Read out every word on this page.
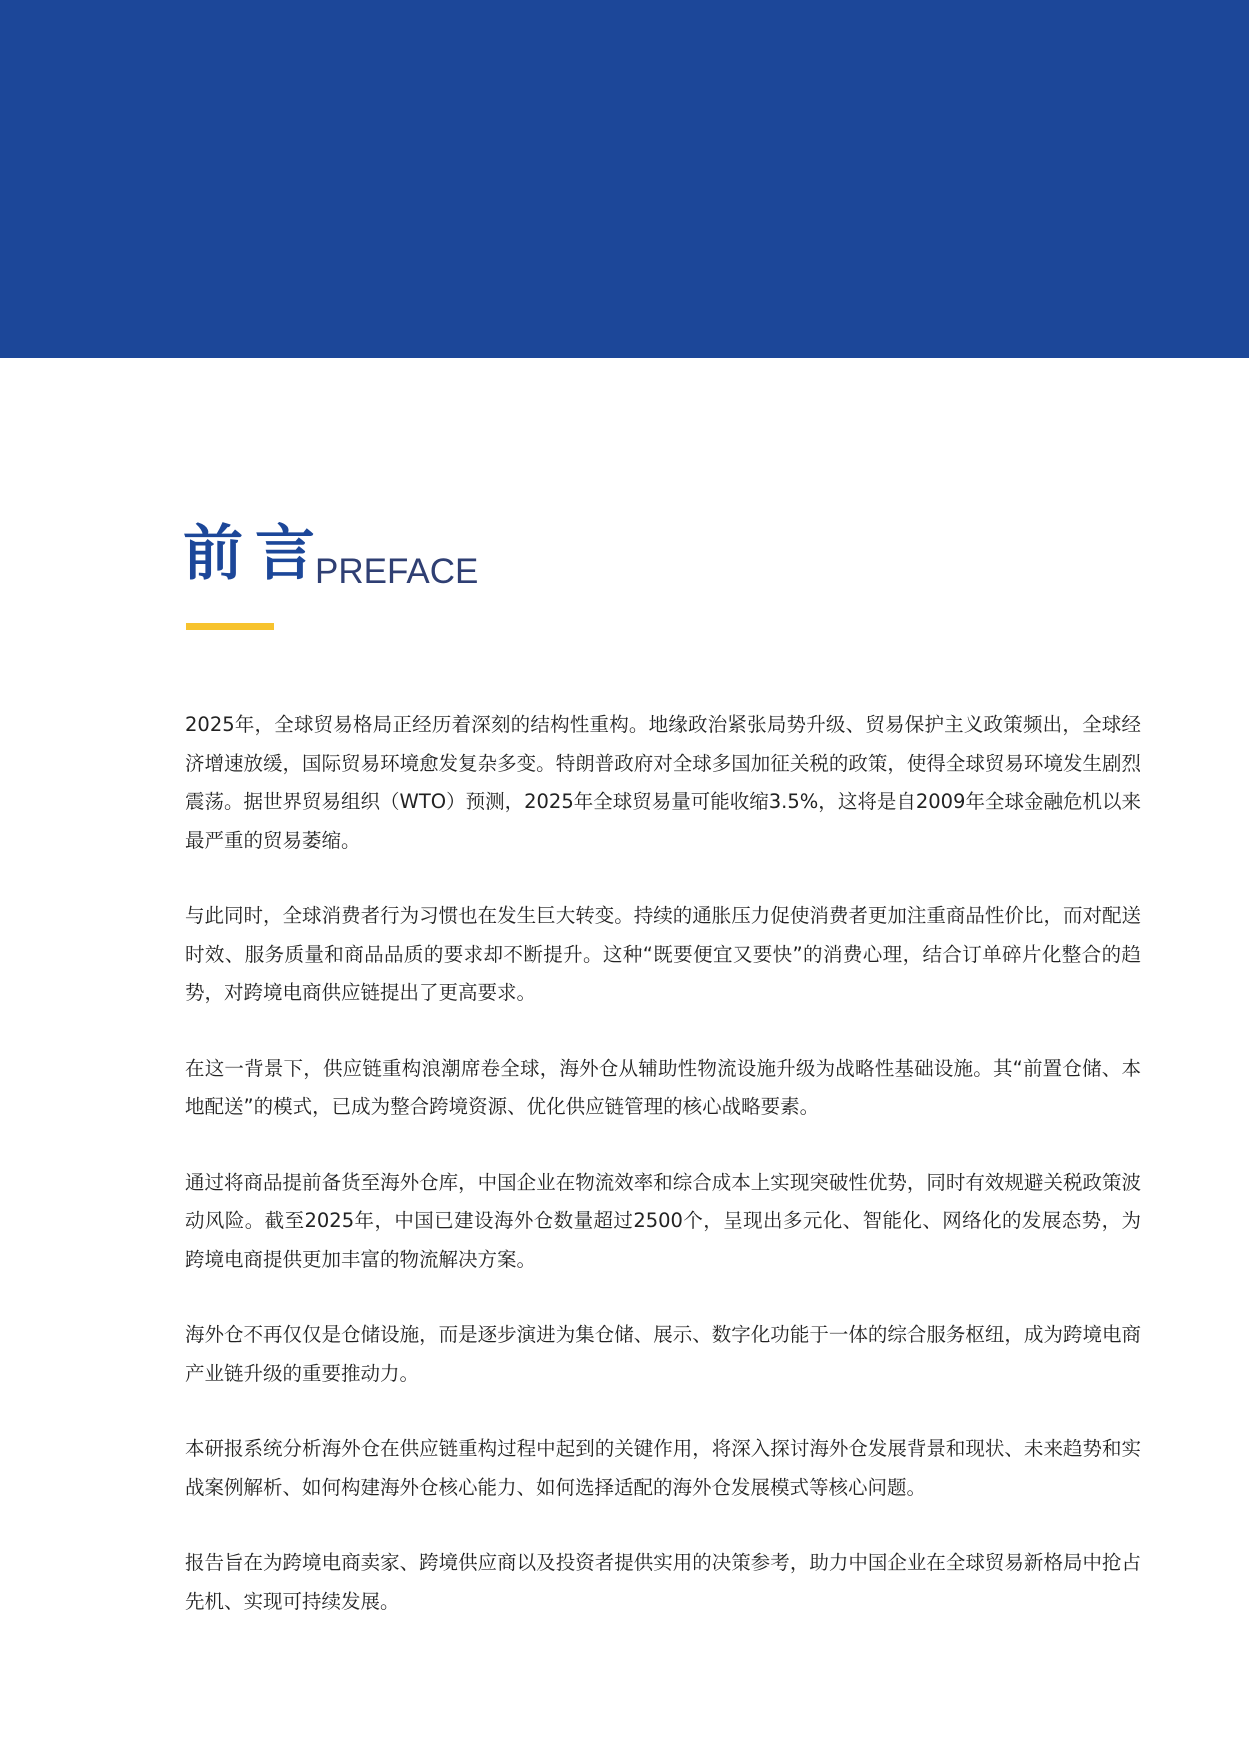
前言
PREFACE

2025年，全球贸易格局正经历着深刻的结构性重构。地缘政治紧张局势升级、贸易保护主义政策频出，全球经济增速放缓，国际贸易环境愈发复杂多变。特朗普政府对全球多国加征关税的政策，使得全球贸易环境发生剧烈震荡。据世界贸易组织（WTO）预测，2025年全球贸易量可能收缩3.5%，这将是自2009年全球金融危机以来最严重的贸易萎缩。

与此同时，全球消费者行为习惯也在发生巨大转变。持续的通胀压力促使消费者更加注重商品性价比，而对配送时效、服务质量和商品品质的要求却不断提升。这种“既要便宜又要快”的消费心理，结合订单碎片化整合的趋势，对跨境电商供应链提出了更高要求。

在这一背景下，供应链重构浪潮席卷全球，海外仓从辅助性物流设施升级为战略性基础设施。其“前置仓储、本地配送”的模式，已成为整合跨境资源、优化供应链管理的核心战略要素。

通过将商品提前备货至海外仓库，中国企业在物流效率和综合成本上实现突破性优势，同时有效规避关税政策波动风险。截至2025年，中国已建设海外仓数量超过2500个，呈现出多元化、智能化、网络化的发展态势，为跨境电商提供更加丰富的物流解决方案。

海外仓不再仅仅是仓储设施，而是逐步演进为集仓储、展示、数字化功能于一体的综合服务枢纽，成为跨境电商产业链升级的重要推动力。

本研报系统分析海外仓在供应链重构过程中起到的关键作用，将深入探讨海外仓发展背景和现状、未来趋势和实战案例解析、如何构建海外仓核心能力、如何选择适配的海外仓发展模式等核心问题。

报告旨在为跨境电商卖家、跨境供应商以及投资者提供实用的决策参考，助力中国企业在全球贸易新格局中抢占先机、实现可持续发展。
